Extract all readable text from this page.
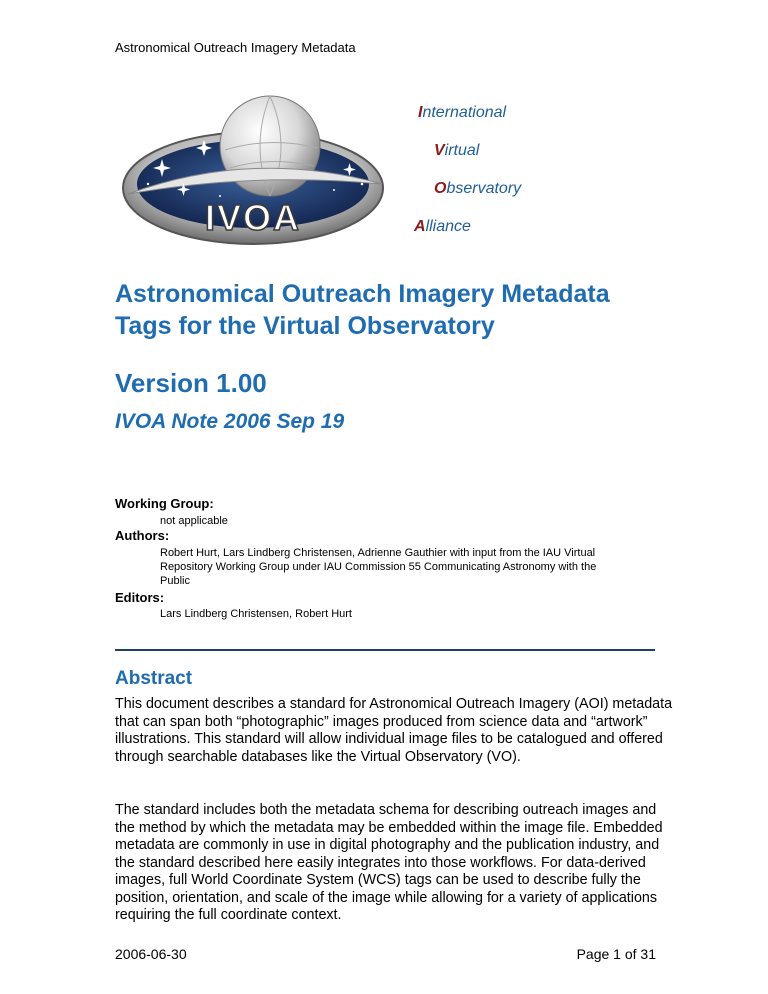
Astronomical Outreach Imagery Metadata
IVOA
International
Virtual
Observatory
Alliance
Astronomical Outreach Imagery Metadata
Tags for the Virtual Observatory
Version 1.00
IVOA Note 2006 Sep 19
Working Group:
not applicable
Authors:
Robert Hurt, Lars Lindberg Christensen, Adrienne Gauthier with input from the IAU Virtual Repository Working Group under IAU Commission 55 Communicating Astronomy with the Public
Editors:
Lars Lindberg Christensen, Robert Hurt
Abstract

This document describes a standard for Astronomical Outreach Imagery (AOI) metadata that can span both “photographic” images produced from science data and “artwork” illustrations. This standard will allow individual image files to be catalogued and offered through searchable databases like the Virtual Observatory (VO).

The standard includes both the metadata schema for describing outreach images and the method by which the metadata may be embedded within the image file. Embedded metadata are commonly in use in digital photography and the publication industry, and the standard described here easily integrates into those workflows. For data-derived images, full World Coordinate System (WCS) tags can be used to describe fully the position, orientation, and scale of the image while allowing for a variety of applications requiring the full coordinate context.

2006-06-30	Page 1 of 31
